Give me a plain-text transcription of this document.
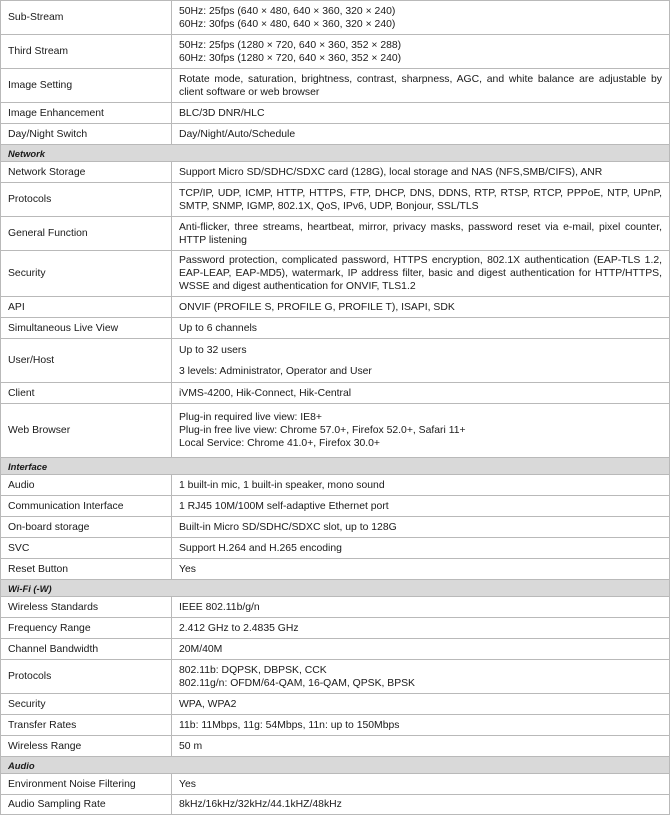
Sub-Stream	50Hz: 25fps (640 × 480, 640 × 360, 320 × 240)
60Hz: 30fps (640 × 480, 640 × 360, 320 × 240)

Third Stream	50Hz: 25fps (1280 × 720, 640 × 360, 352 × 288)
60Hz: 30fps (1280 × 720, 640 × 360, 352 × 240)

Image Setting	Rotate mode, saturation, brightness, contrast, sharpness, AGC, and white balance are adjustable by client software or web browser

Image Enhancement	BLC/3D DNR/HLC

Day/Night Switch	Day/Night/Auto/Schedule

Network	
Network Storage	Support Micro SD/SDHC/SDXC card (128G), local storage and NAS (NFS,SMB/CIFS), ANR

Protocols	TCP/IP, UDP, ICMP, HTTP, HTTPS, FTP, DHCP, DNS, DDNS, RTP, RTSP, RTCP, PPPoE, NTP, UPnP, SMTP, SNMP, IGMP, 802.1X, QoS, IPv6, UDP, Bonjour, SSL/TLS

General Function	Anti-flicker, three streams, heartbeat, mirror, privacy masks, password reset via e-mail, pixel counter, HTTP listening

Security	Password protection, complicated password, HTTPS encryption, 802.1X authentication (EAP-TLS 1.2, EAP-LEAP, EAP-MD5), watermark, IP address filter, basic and digest authentication for HTTP/HTTPS, WSSE and digest authentication for ONVIF, TLS1.2

API	ONVIF (PROFILE S, PROFILE G, PROFILE T), ISAPI, SDK

Simultaneous Live View	Up to 6 channels

User/Host	Up to 32 users
3 levels: Administrator, Operator and User

Client	iVMS-4200, Hik-Connect, Hik-Central

Web Browser	Plug-in required live view: IE8+
Plug-in free live view: Chrome 57.0+, Firefox 52.0+, Safari 11+
Local Service: Chrome 41.0+, Firefox 30.0+

Interface	
Audio	1 built-in mic, 1 built-in speaker, mono sound

Communication Interface	1 RJ45 10M/100M self-adaptive Ethernet port

On-board storage	Built-in Micro SD/SDHC/SDXC slot, up to 128G

SVC	Support H.264 and H.265 encoding

Reset Button	Yes

Wi-Fi (-W)	
Wireless Standards	IEEE 802.11b/g/n

Frequency Range	2.412 GHz to 2.4835 GHz

Channel Bandwidth	20M/40M

Protocols	802.11b: DQPSK, DBPSK, CCK
802.11g/n: OFDM/64-QAM, 16-QAM, QPSK, BPSK

Security	WPA, WPA2

Transfer Rates	11b: 11Mbps, 11g: 54Mbps, 11n: up to 150Mbps

Wireless Range	50 m

Audio	
Environment Noise Filtering	Yes

Audio Sampling Rate	8kHz/16kHz/32kHz/44.1kHZ/48kHz
